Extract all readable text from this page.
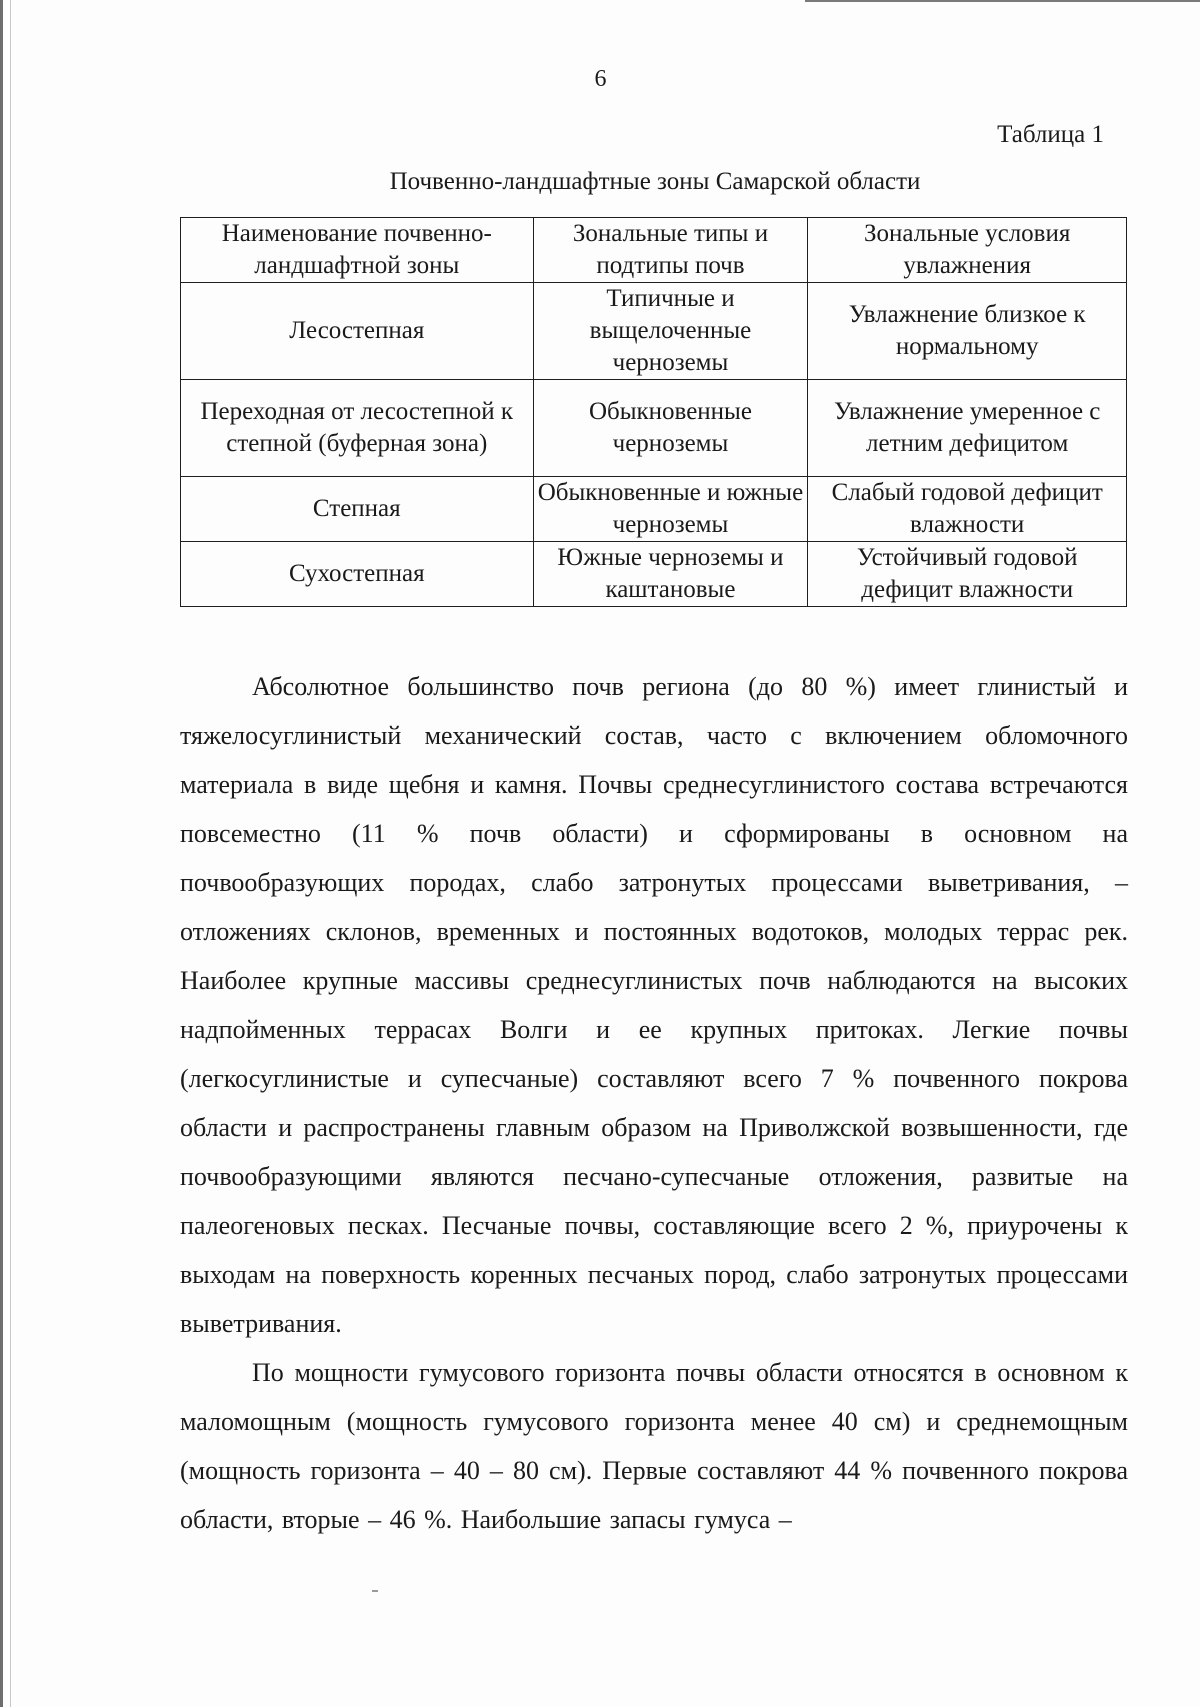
6
Таблица 1
Почвенно-ландшафтные зоны Самарской области
Наименование почвенно-ландшафтной зоны	Зональные типы и подтипы почв	Зональные условия увлажнения
Лесостепная	Типичные и выщелоченные черноземы	Увлажнение близкое к нормальному
Переходная от лесостепной к степной (буферная зона)	Обыкновенные черноземы	Увлажнение умеренное с летним дефицитом
Степная	Обыкновенные и южные черноземы	Слабый годовой дефицит влажности
Сухостепная	Южные черноземы и каштановые	Устойчивый годовой дефицит влажности

Абсолютное большинство почв региона (до 80 %) имеет глинистый и тяжелосуглинистый механический состав, часто с включением обломочного материала в виде щебня и камня. Почвы среднесуглинистого состава встречаются повсеместно (11 % почв области) и сформированы в основном на почвообразующих породах, слабо затронутых процессами выветривания, – отложениях склонов, временных и постоянных водотоков, молодых террас рек. Наиболее крупные массивы среднесуглинистых почв наблюдаются на высоких надпойменных террасах Волги и ее крупных притоках. Легкие почвы (легкосуглинистые и супесчаные) составляют всего 7 % почвенного покрова области и распространены главным образом на Приволжской возвышенности, где почвообразующими являются песчано-супесчаные отложения, развитые на палеогеновых песках. Песчаные почвы, составляющие всего 2 %, приурочены к выходам на поверхность коренных песчаных пород, слабо затронутых процессами выветривания.

По мощности гумусового горизонта почвы области относятся в основном к маломощным (мощность гумусового горизонта менее 40 см) и среднемощным (мощность горизонта – 40 – 80 см). Первые составляют 44 % почвенного покрова области, вторые – 46 %. Наибольшие запасы гумуса –
